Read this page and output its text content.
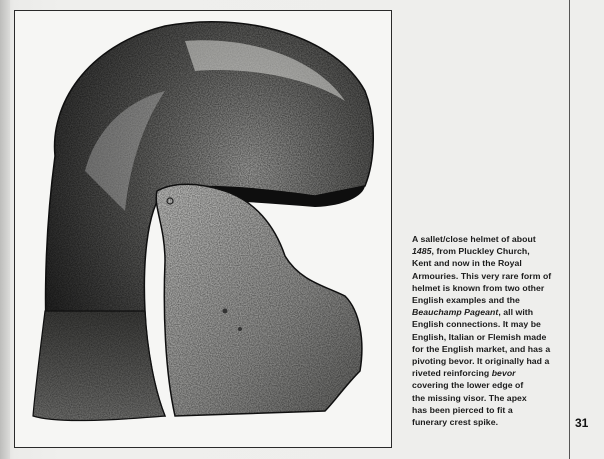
A sallet/close helmet of about
1485, from Pluckley Church,
Kent and now in the Royal
Armouries. This very rare form of
helmet is known from two other
English examples and the
Beauchamp Pageant, all with
English connections. It may be
English, Italian or Flemish made
for the English market, and has a
pivoting bevor. It originally had a
riveted reinforcing bevor
covering the lower edge of
the missing visor. The apex
has been pierced to fit a
funerary crest spike.	31
